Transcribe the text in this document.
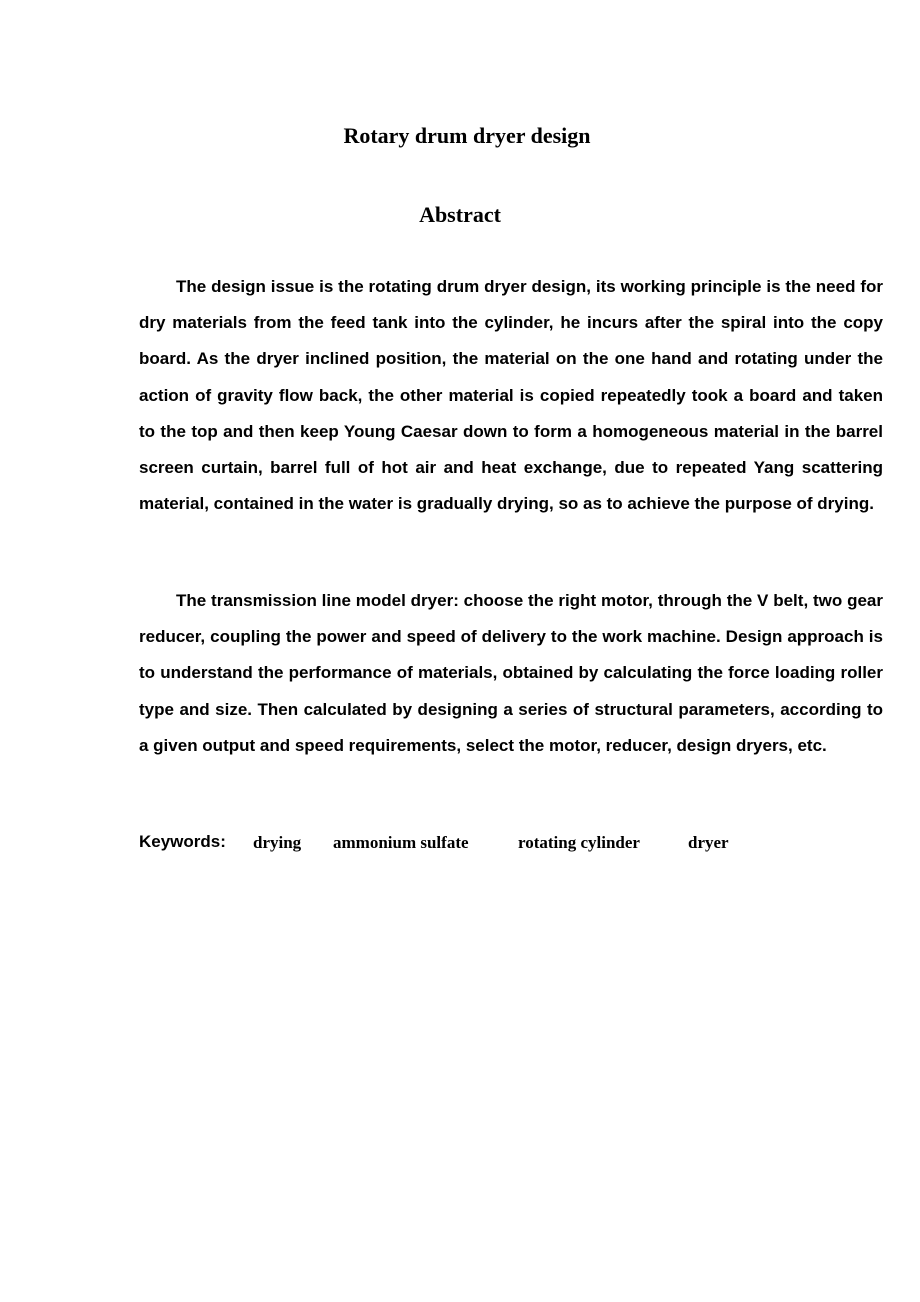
Rotary drum dryer design
Abstract

The design issue is the rotating drum dryer design, its working principle is the need for dry materials from the feed tank into the cylinder, he incurs after the spiral into the copy board. As the dryer inclined position, the material on the one hand and rotating under the action of gravity flow back, the other material is copied repeatedly took a board and taken to the top and then keep Young Caesar down to form a homogeneous material in the barrel screen curtain, barrel full of hot air and heat exchange, due to repeated Yang scattering material, contained in the water is gradually drying, so as to achieve the purpose of drying.

The transmission line model dryer: choose the right motor, through the V belt, two gear reducer, coupling the power and speed of delivery to the work machine. Design approach is to understand the performance of materials, obtained by calculating the force loading roller type and size. Then calculated by designing a series of structural parameters, according to a given output and speed requirements, select the motor, reducer, design dryers, etc.

Keywords: drying ammonium sulfate	rotating cylinder	dryer
